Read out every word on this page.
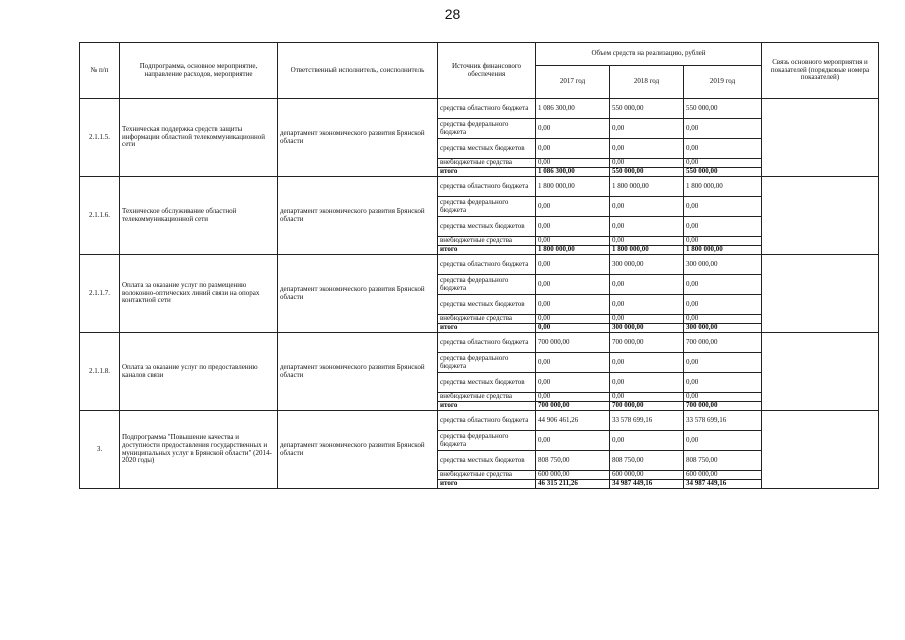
28
№ п/п	Подпрограмма, основное мероприятие, направление расходов, мероприятие	Ответственный исполнитель, соисполнитель	Источник финансового обеспечения	Объем средств на реализацию, рублей			Связь основного мероприятия и показателей (порядковые номера показателей)
				2017 год	2018 год	2019 год	
2.1.1.5.	Техническая поддержка средств защиты информации областной телекоммуникационной сети	департамент экономического развития Брянской области	средства областного бюджета	1 086 300,00	550 000,00	550 000,00	
			средства федерального бюджета	0,00	0,00	0,00	
			средства местных бюджетов	0,00	0,00	0,00	
			внебюджетные средства	0,00	0,00	0,00	
			итого	1 086 300,00	550 000,00	550 000,00	
2.1.1.6.	Техническое обслуживание областной телекоммуникационной сети	департамент экономического развития Брянской области	средства областного бюджета	1 800 000,00	1 800 000,00	1 800 000,00	
			средства федерального бюджета	0,00	0,00	0,00	
			средства местных бюджетов	0,00	0,00	0,00	
			внебюджетные средства	0,00	0,00	0,00	
			итого	1 800 000,00	1 800 000,00	1 800 000,00	
2.1.1.7.	Оплата за оказание услуг по размещению волоконно-оптических линий связи на опорах контактной сети	департамент экономического развития Брянской области	средства областного бюджета	0,00	300 000,00	300 000,00	
			средства федерального бюджета	0,00	0,00	0,00	
			средства местных бюджетов	0,00	0,00	0,00	
			внебюджетные средства	0,00	0,00	0,00	
			итого	0,00	300 000,00	300 000,00	
2.1.1.8.	Оплата за оказание услуг по предоставлению каналов связи	департамент экономического развития Брянской области	средства областного бюджета	700 000,00	700 000,00	700 000,00	
			средства федерального бюджета	0,00	0,00	0,00	
			средства местных бюджетов	0,00	0,00	0,00	
			внебюджетные средства	0,00	0,00	0,00	
			итого	700 000,00	700 000,00	700 000,00	
3.	Подпрограмма "Повышение качества и доступности предоставления государственных и муниципальных услуг в Брянской области" (2014-2020 годы)	департамент экономического развития Брянской области	средства областного бюджета	44 906 461,26	33 578 699,16	33 578 699,16	
			средства федерального бюджета	0,00	0,00	0,00	
			средства местных бюджетов	808 750,00	808 750,00	808 750,00	
			внебюджетные средства	600 000,00	600 000,00	600 000,00	
			итого	46 315 211,26	34 987 449,16	34 987 449,16	
